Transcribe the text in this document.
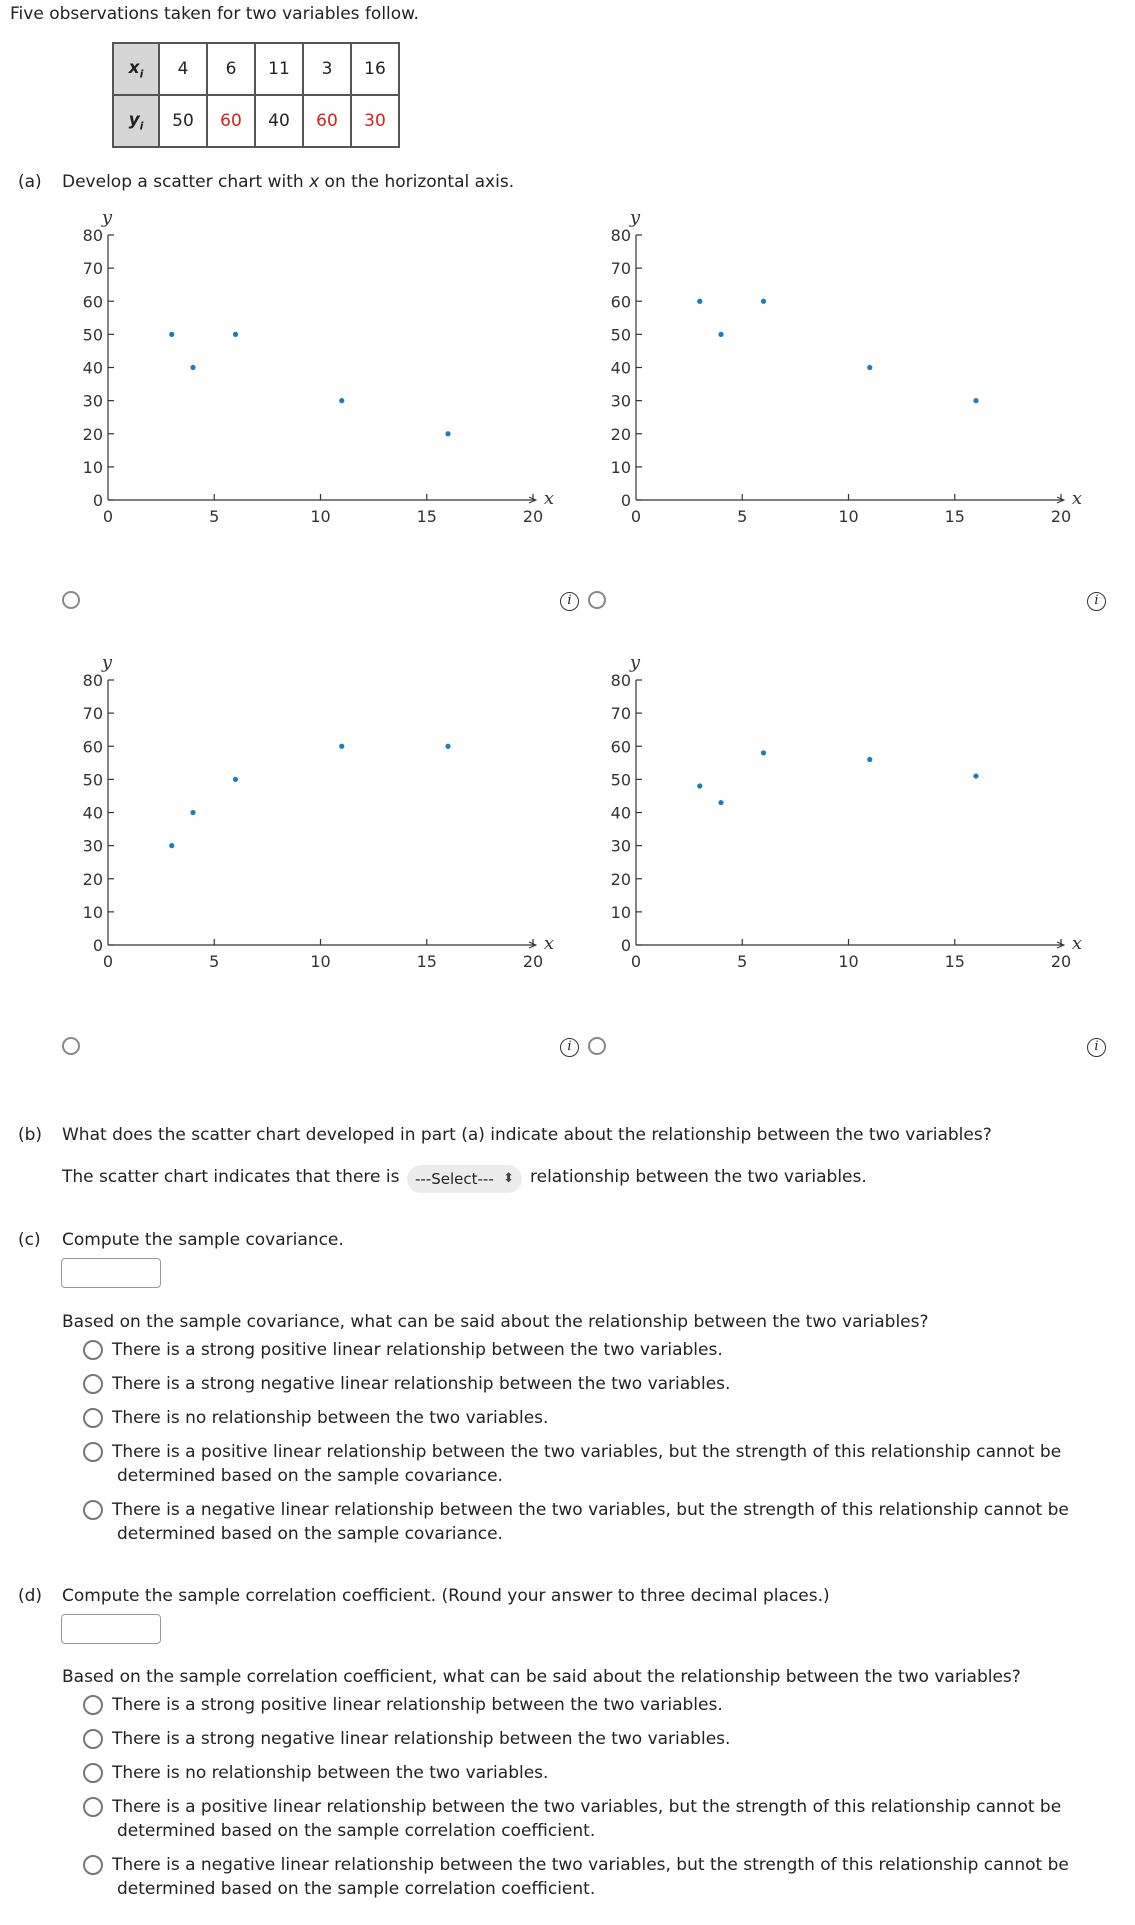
Five observations taken for two variables follow.
$x_i$	4	6	11	3	16
$y_i$	50	60	40	60	30
(a) Develop a scatter chart with x on the horizontal axis.
0
10
20
30
40
50
60
70
80
0	5	10	15	20
y
x	0
10
20
30
40
50
60
70
80
0	5	10	15	20
y
x
0
10
20
30
40
50
60
70
80
0	5	10	15	20
y
x	0
10
20
30
40
50
60
70
80
0	5	10	15	20
y
x
i	i
i	i
(b) What does the scatter chart developed in part (a) indicate about the relationship between the two variables?
The scatter chart indicates that there is	---Select--- ⬍ relationship between the two variables.
(c) Compute the sample covariance.
Based on the sample covariance, what can be said about the relationship between the two variables?
There is a strong positive linear relationship between the two variables.
There is a strong negative linear relationship between the two variables.
There is no relationship between the two variables.
There is a positive linear relationship between the two variables, but the strength of this relationship cannot be
determined based on the sample covariance.
There is a negative linear relationship between the two variables, but the strength of this relationship cannot be
determined based on the sample covariance.
(d) Compute the sample correlation coefficient. (Round your answer to three decimal places.)
Based on the sample correlation coefficient, what can be said about the relationship between the two variables?
There is a strong positive linear relationship between the two variables.
There is a strong negative linear relationship between the two variables.
There is no relationship between the two variables.
There is a positive linear relationship between the two variables, but the strength of this relationship cannot be
determined based on the sample correlation coefficient.
There is a negative linear relationship between the two variables, but the strength of this relationship cannot be
determined based on the sample correlation coefficient.
